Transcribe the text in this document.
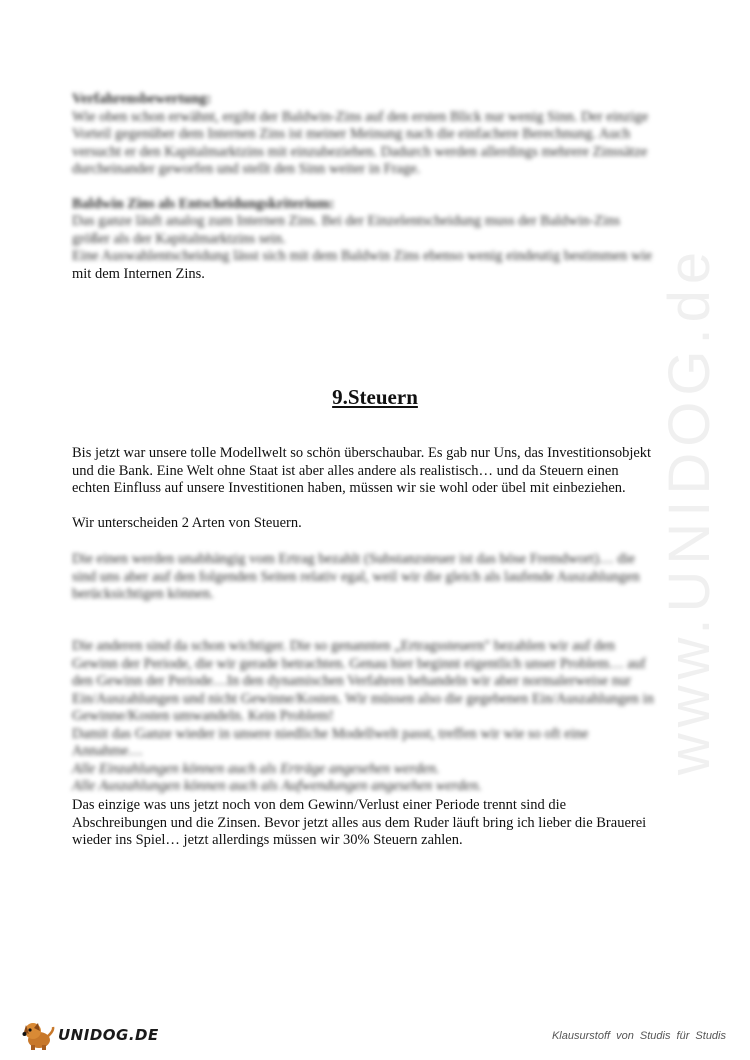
www.UNIDOG.de

Verfahrensbewertung:

Wie oben schon erwähnt, ergibt der Baldwin-Zins auf den ersten Blick nur wenig Sinn. Der einzige

Vorteil gegenüber dem Internen Zins ist meiner Meinung nach die einfachere Berechnung. Auch

versucht er den Kapitalmarktzins mit einzubeziehen. Dadurch werden allerdings mehrere Zinssätze

durcheinander geworfen und stellt den Sinn weiter in Frage.

Baldwin Zins als Entscheidungskriterium:

Das ganze läuft analog zum Internen Zins. Bei der Einzelentscheidung muss der Baldwin-Zins

größer als der Kapitalmarktzins sein.

Eine Auswahlentscheidung lässt sich mit dem Baldwin Zins ebenso wenig eindeutig bestimmen wie

mit dem Internen Zins.

9.Steuern

Bis jetzt war unsere tolle Modellwelt so schön überschaubar. Es gab nur Uns, das Investitionsobjekt

und die Bank. Eine Welt ohne Staat ist aber alles andere als realistisch… und da Steuern einen

echten Einfluss auf unsere Investitionen haben, müssen wir sie wohl oder übel mit einbeziehen.

Wir unterscheiden 2 Arten von Steuern.

Die einen werden unabhängig vom Ertrag bezahlt (Substanzsteuer ist das böse Fremdwort)… die

sind uns aber auf den folgenden Seiten relativ egal, weil wir die gleich als laufende Auszahlungen

berücksichtigen können.

Die anderen sind da schon wichtiger. Die so genannten „Ertragssteuern" bezahlen wir auf den

Gewinn der Periode, die wir gerade betrachten. Genau hier beginnt eigentlich unser Problem… auf

den Gewinn der Periode…In den dynamischen Verfahren behandeln wir aber normalerweise nur

Ein/Auszahlungen und nicht Gewinne/Kosten. Wir müssen also die gegebenen Ein/Auszahlungen in

Gewinne/Kosten umwandeln. Kein Problem!

Damit das Ganze wieder in unsere niedliche Modellwelt passt, treffen wir wie so oft eine

Annahme…

Alle Einzahlungen können auch als Erträge angesehen werden.

Alle Auszahlungen können auch als Aufwendungen angesehen werden.

Das einzige was uns jetzt noch von dem Gewinn/Verlust einer Periode trennt sind die

Abschreibungen und die Zinsen. Bevor jetzt alles aus dem Ruder läuft bring ich lieber die Brauerei

wieder ins Spiel… jetzt allerdings müssen wir 30% Steuern zahlen.

UNIDOG.DE	Klausurstoff von Studis für Studis
